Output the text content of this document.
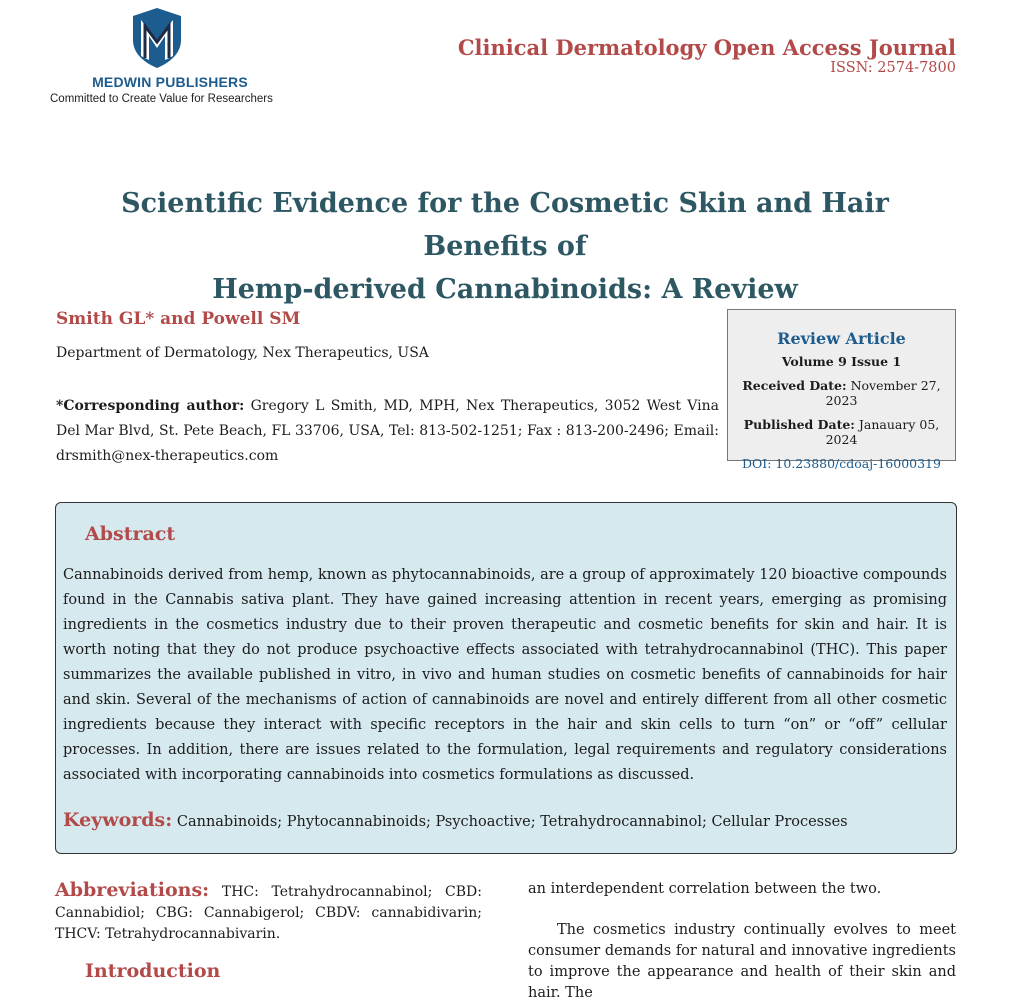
MEDWIN PUBLISHERS
Committed to Create Value for Researchers
Clinical Dermatology Open Access Journal
ISSN: 2574-7800
Scientific Evidence for the Cosmetic Skin and Hair Benefits of
Hemp-derived Cannabinoids: A Review
Smith GL* and Powell SM
Department of Dermatology, Nex Therapeutics, USA
*Corresponding author: Gregory L Smith, MD, MPH, Nex Therapeutics, 3052 West Vina Del Mar Blvd, St. Pete Beach, FL 33706, USA, Tel: 813-502-1251; Fax : 813-200-2496; Email: drsmith@nex-therapeutics.com
Review Article
Volume 9 Issue 1
Received Date: November 27, 2023
Published Date: Janauary 05, 2024
DOI: 10.23880/cdoaj-16000319
Abstract
Cannabinoids derived from hemp, known as phytocannabinoids, are a group of approximately 120 bioactive compounds found in the Cannabis sativa plant. They have gained increasing attention in recent years, emerging as promising ingredients in the cosmetics industry due to their proven therapeutic and cosmetic benefits for skin and hair. It is worth noting that they do not produce psychoactive effects associated with tetrahydrocannabinol (THC). This paper summarizes the available published in vitro, in vivo and human studies on cosmetic benefits of cannabinoids for hair and skin. Several of the mechanisms of action of cannabinoids are novel and entirely different from all other cosmetic ingredients because they interact with specific receptors in the hair and skin cells to turn “on” or “off” cellular processes. In addition, there are issues related to the formulation, legal requirements and regulatory considerations associated with incorporating cannabinoids into cosmetics formulations as discussed.
Keywords: Cannabinoids; Phytocannabinoids; Psychoactive; Tetrahydrocannabinol; Cellular Processes
Abbreviations: THC: Tetrahydrocannabinol; CBD: Cannabidiol; CBG: Cannabigerol; CBDV: cannabidivarin; THCV: Tetrahydrocannabivarin.
Introduction

an interdependent correlation between the two.

The cosmetics industry continually evolves to meet consumer demands for natural and innovative ingredients to improve the appearance and health of their skin and hair. The
